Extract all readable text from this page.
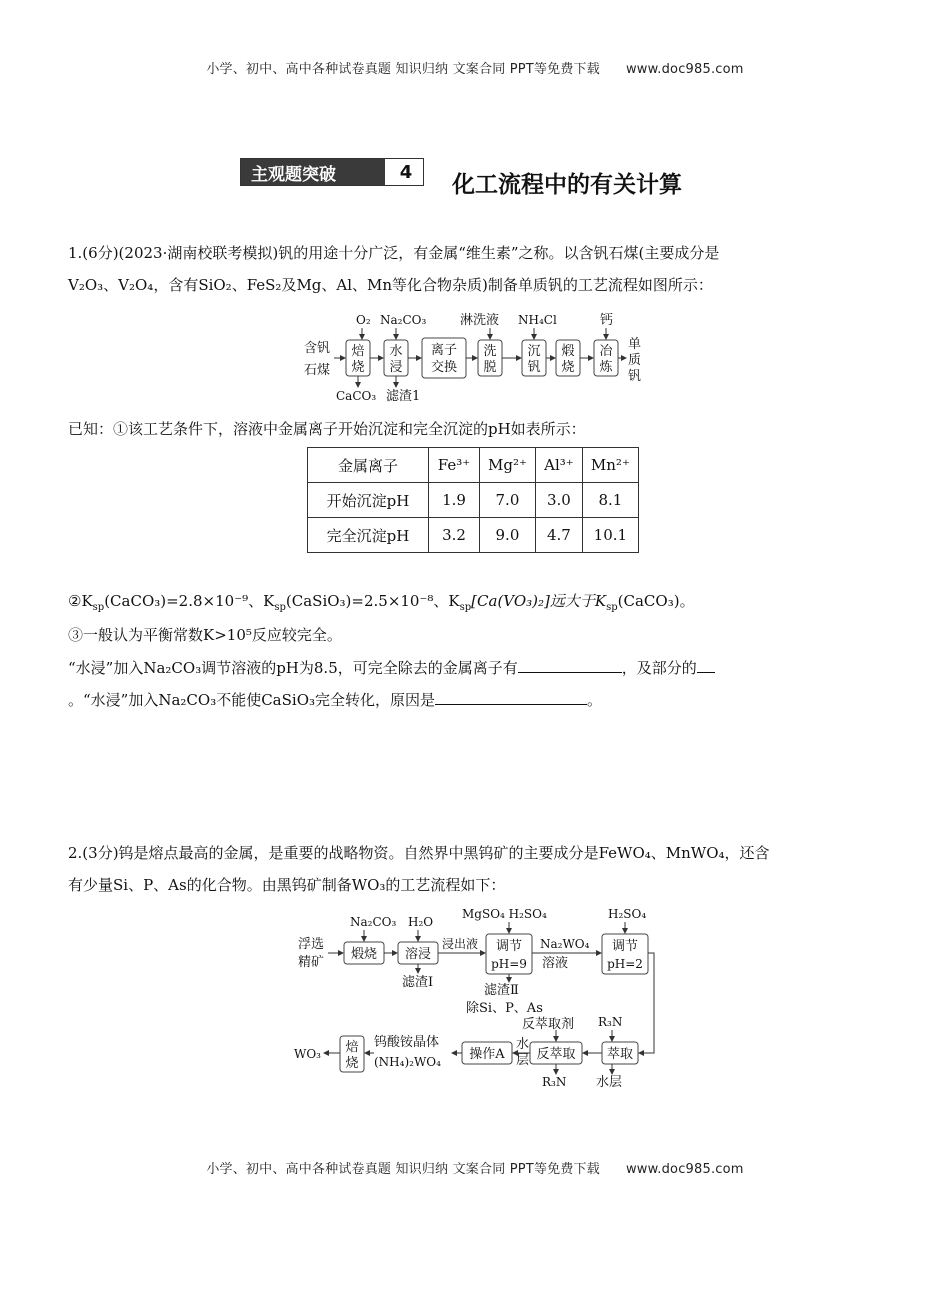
小学、初中、高中各种试卷真题 知识归纳 文案合同 PPT等免费下载 www.doc985.com
主观题突破	4	化工流程中的有关计算
1.(6分)(2023·湖南校联考模拟)钒的用途十分广泛，有金属“维生素”之称。以含钒石煤(主要成分是
V₂O₃、V₂O₄，含有SiO₂、FeS₂及Mg、Al、Mn等化合物杂质)制备单质钒的工艺流程如图所示：
含钒
石煤
O₂ Na₂CO₃	淋洗液 NH₄Cl	钙
CaCO₃ 滤渣1
单
质
钒
焙
烧
水
浸
离子
交换
洗
脱
沉
钒
煅
烧
冶
炼
已知：①该工艺条件下，溶液中金属离子开始沉淀和完全沉淀的pH如表所示：
金属离子	Fe³⁺	Mg²⁺	Al³⁺	Mn²⁺
开始沉淀pH	1.9	7.0	3.0	8.1
完全沉淀pH	3.2	9.0	4.7	10.1
$②K_{sp}(CaCO_3)=2.8\times 10^{-9}$、$K_{sp}(CaSiO_3)=2.5\times 10^{-8}$、$K_{sp}[Ca(VO_3)_2]$远大于$K_{sp}(CaCO_3)$。
③一般认为平衡常数K>10⁵反应较完全。
“水浸”加入Na₂CO₃调节溶液的pH为8.5，可完全除去的金属离子有	，及部分的
。“水浸”加入Na₂CO₃不能使CaSiO₃完全转化，原因是	。
2.(3分)钨是熔点最高的金属，是重要的战略物资。自然界中黑钨矿的主要成分是FeWO₄、MnWO₄，还含
有少量Si、P、As的化合物。由黑钨矿制备WO₃的工艺流程如下：
浮选
精矿
Na₂CO₃ H₂O
MgSO₄ H₂SO₄	H₂SO₄
浸出液	Na₂WO₄
溶液
滤渣Ⅰ
滤渣Ⅱ
除Si、P、As
反萃取剂 R₃N
钨酸铵晶体
(NH₄)₂WO₄
WO₃
水
层
R₃N 水层
煅烧 溶浸
调节
pH=9
调节
pH=2
萃取
反萃取
操作A
焙
烧
小学、初中、高中各种试卷真题 知识归纳 文案合同 PPT等免费下载 www.doc985.com
